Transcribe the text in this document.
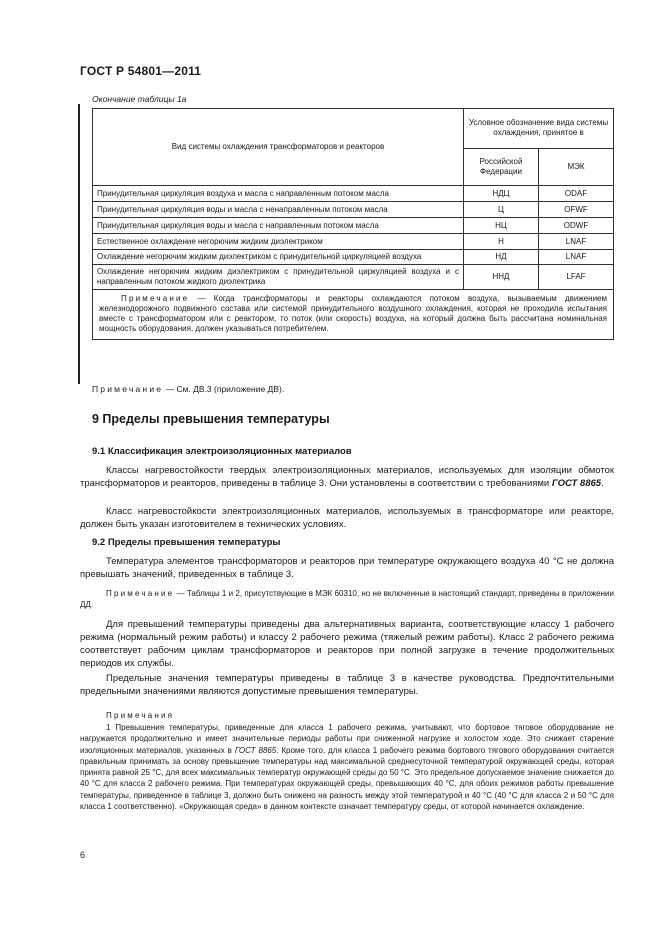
ГОСТ Р 54801—2011
Окончание таблицы 1а
Вид системы охлаждения трансформаторов и реакторов	Условное обозначение вида системы охлаждения, принятое в	
	Российской Федерации	МЭК
Принудительная циркуляция воздуха и масла с направленным потоком масла	НДЦ	ODAF
Принудительная циркуляция воды и масла с ненаправленным потоком масла	Ц	OFWF
Принудительная циркуляция воды и масла с направленным потоком масла	НЦ	ODWF
Естественное охлаждение негорючим жидким диэлектриком	Н	LNAF
Охлаждение негорючим жидким диэлектриком с принудительной циркуляцией воздуха	НД	LNAF
Охлаждение негорючим жидким диэлектриком с принудительной циркуляцией воздуха и с направленным потоком жидкого диэлектрика	ННД	LFAF
Примечание — Когда трансформаторы и реакторы охлаждаются потоком воздуха, вызываемым движением железнодорожного подвижного состава или системой принудительного воздушного охлаждения, которая не проходила испытания вместе с трансформатором или с реактором, то поток (или скорость) воздуха, на который должна быть рассчитана номинальная мощность оборудования, должен указываться потребителем.		
Примечание — См. ДВ.3 (приложение ДВ).
9 Пределы превышения температуры
9.1 Классификация электроизоляционных материалов

Классы нагревостойкости твердых электроизоляционных материалов, используемых для изоляции обмоток трансформаторов и реакторов, приведены в таблице 3. Они установлены в соответствии с требованиями ГОСТ 8865.

Класс нагревостойкости электроизоляционных материалов, используемых в трансформаторе или реакторе, должен быть указан изготовителем в технических условиях.

9.2 Пределы превышения температуры

Температура элементов трансформаторов и реакторов при температуре окружающего воздуха 40 °С не должна превышать значений, приведенных в таблице 3.

Примечание — Таблицы 1 и 2, присутствующие в МЭК 60310, но не включенные в настоящий стандарт, приведены в приложении ДД.

Для превышений температуры приведены два альтернативных варианта, соответствующие классу 1 рабочего режима (нормальный режим работы) и классу 2 рабочего режима (тяжелый режим работы). Класс 2 рабочего режима соответствует рабочим циклам трансформаторов и реакторов при полной загрузке в течение продолжительных периодов их службы.

Предельные значения температуры приведены в таблице 3 в качестве руководства. Предпочтительными предельными значениями являются допустимые превышения температуры.

Примечания

1 Превышения температуры, приведенные для класса 1 рабочего режима, учитывают, что бортовое тяговое оборудование не нагружается продолжительно и имеет значительные периоды работы при сниженной нагрузке и холостом ходе. Это снижает старение изоляционных материалов, указанных в ГОСТ 8865. Кроме того, для класса 1 рабочего режима бортового тягового оборудования считается правильным принимать за основу превышение температуры над максимальной среднесуточной температурой окружающей среды, которая принята равной 25 °С, для всех максимальных температур окружающей среды до 50 °С. Это предельное допускаемое значение снижается до 40 °С для класса 2 рабочего режима. При температурах окружающей среды, превышающих 40 °С, для обоих режимов работы превышение температуры, приведенное в таблице 3, должно быть снижено на разность между этой температурой и 40 °С (40 °С для класса 2 и 50 °С для класса 1 соответственно). «Окружающая среда» в данном контексте означает температуру среды, от которой начинается охлаждение.

6
